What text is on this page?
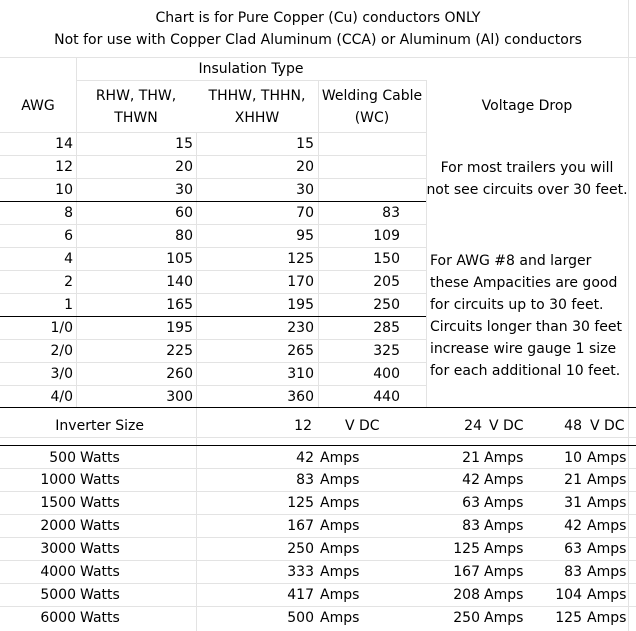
Chart is for Pure Copper (Cu) conductors ONLY
Not for use with Copper Clad Aluminum (CCA) or Aluminum (Al) conductors
Insulation Type
AWG
RHW, THW,
THWN
THHW, THHN,
XHHW
Welding Cable
(WC)
Voltage Drop
For most trailers you will
not see circuits over 30 feet.
For AWG #8 and larger
these Ampacities are good
for circuits up to 30 feet.
Circuits longer than 30 feet
increase wire gauge 1 size
for each additional 10 feet.
Inverter Size	12 V DC	24 V DC	48 V DC
14	15	15
12	20	20
10	30	30
8	60	70	83
6	80	95	109
4	105	125	150
2	140	170	205
1	165	195	250
1/0	195	230	285
2/0	225	265	325
3/0	260	310	400
4/0	300	360	440
500 Watts	42 Amps	21 Amps	10 Amps
1000 Watts	83 Amps	42 Amps	21 Amps
1500 Watts	125 Amps	63 Amps	31 Amps
2000 Watts	167 Amps	83 Amps	42 Amps
3000 Watts	250 Amps	125 Amps	63 Amps
4000 Watts	333 Amps	167 Amps	83 Amps
5000 Watts	417 Amps	208 Amps	104 Amps
6000 Watts	500 Amps	250 Amps	125 Amps
